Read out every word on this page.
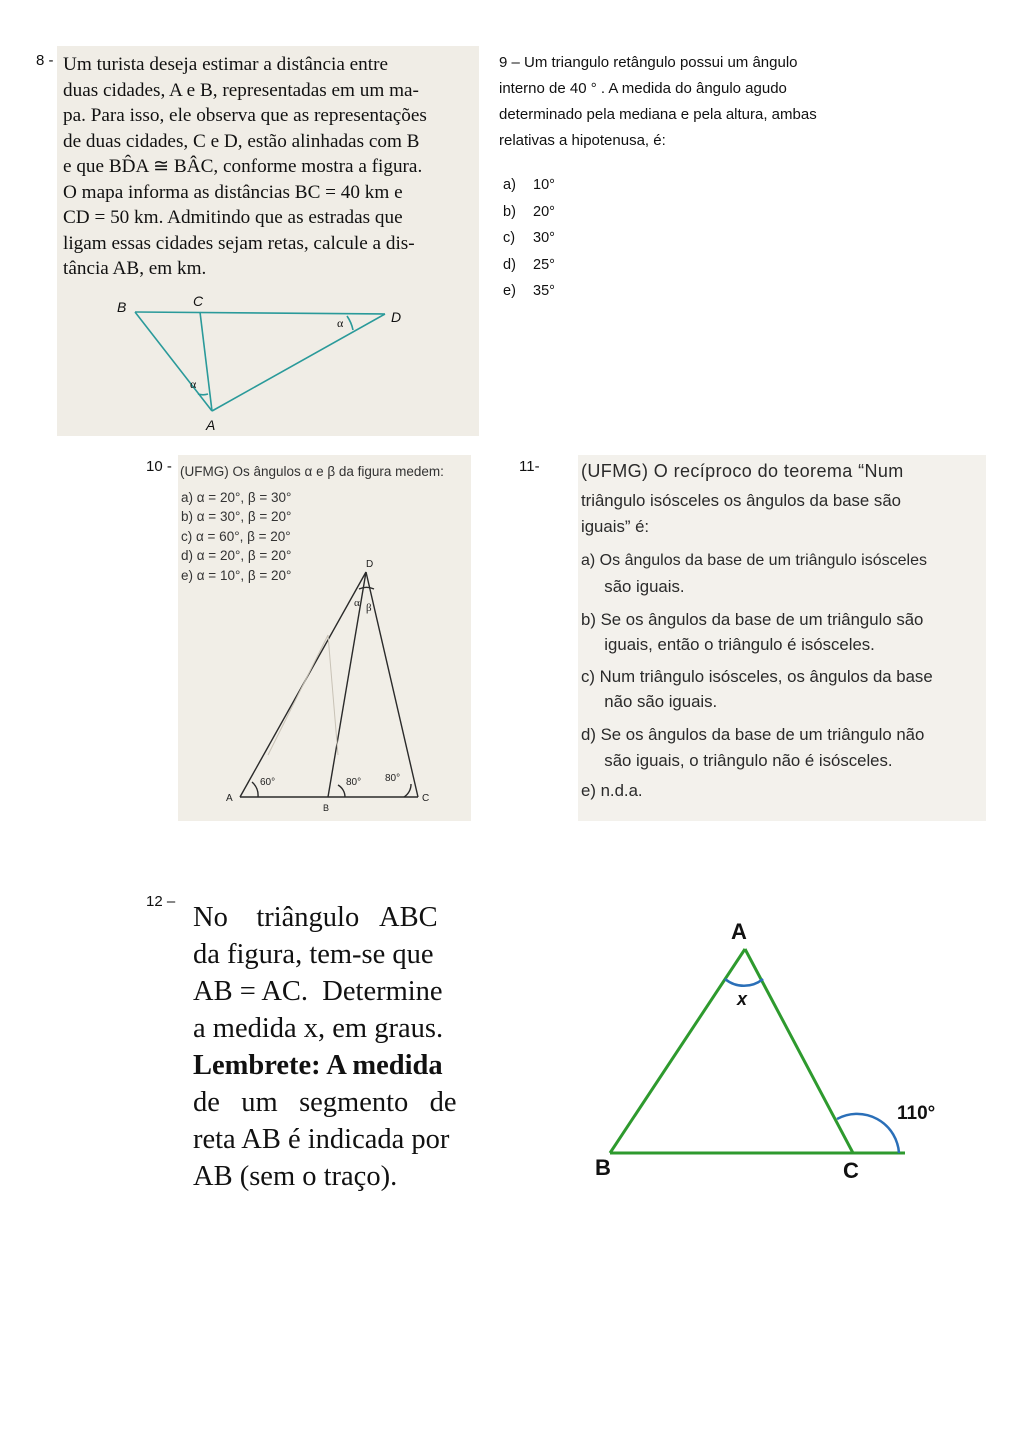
8 -
Um turista deseja estimar a distância entre
duas cidades, A e B, representadas em um ma-
pa. Para isso, ele observa que as representações
de duas cidades, C e D, estão alinhadas com B
e que BD̂A ≅ BÂC, conforme mostra a figura.
O mapa informa as distâncias BC = 40 km e
CD = 50 km. Admitindo que as estradas que
ligam essas cidades sejam retas, calcule a dis-
tância AB, em km.
B	C
D
A
α
α
9 – Um triangulo retângulo possui um ângulo
interno de 40 ° . A medida do ângulo agudo
determinado pela mediana e pela altura, ambas
relativas a hipotenusa, é:
a) 10°
b) 20°
c) 30°
d) 25°
e) 35°
10 - (UFMG) Os ângulos α e β da figura medem:
a) α = 20°, β = 30°
b) α = 30°, β = 20°
c) α = 60°, β = 20°
d) α = 20°, β = 20°
e) α = 10°, β = 20°
D
A
B
C
α β
60°	80° 80°
11- (UFMG) O recíproco do teorema “Num
triângulo isósceles os ângulos da base são
iguais” é:
a) Os ângulos da base de um triângulo isósceles
são iguais.
b) Se os ângulos da base de um triângulo são
iguais, então o triângulo é isósceles.
c) Num triângulo isósceles, os ângulos da base
não são iguais.
d) Se os ângulos da base de um triângulo não
são iguais, o triângulo não é isósceles.
e) n.d.a.
12 –
No    triângulo   ABC
da figura, tem-se que
AB = AC.  Determine
a medida x, em graus.
Lembrete: A medida
de   um   segmento   de
reta AB é indicada por
AB (sem o traço).
A
B	C
x
110°
